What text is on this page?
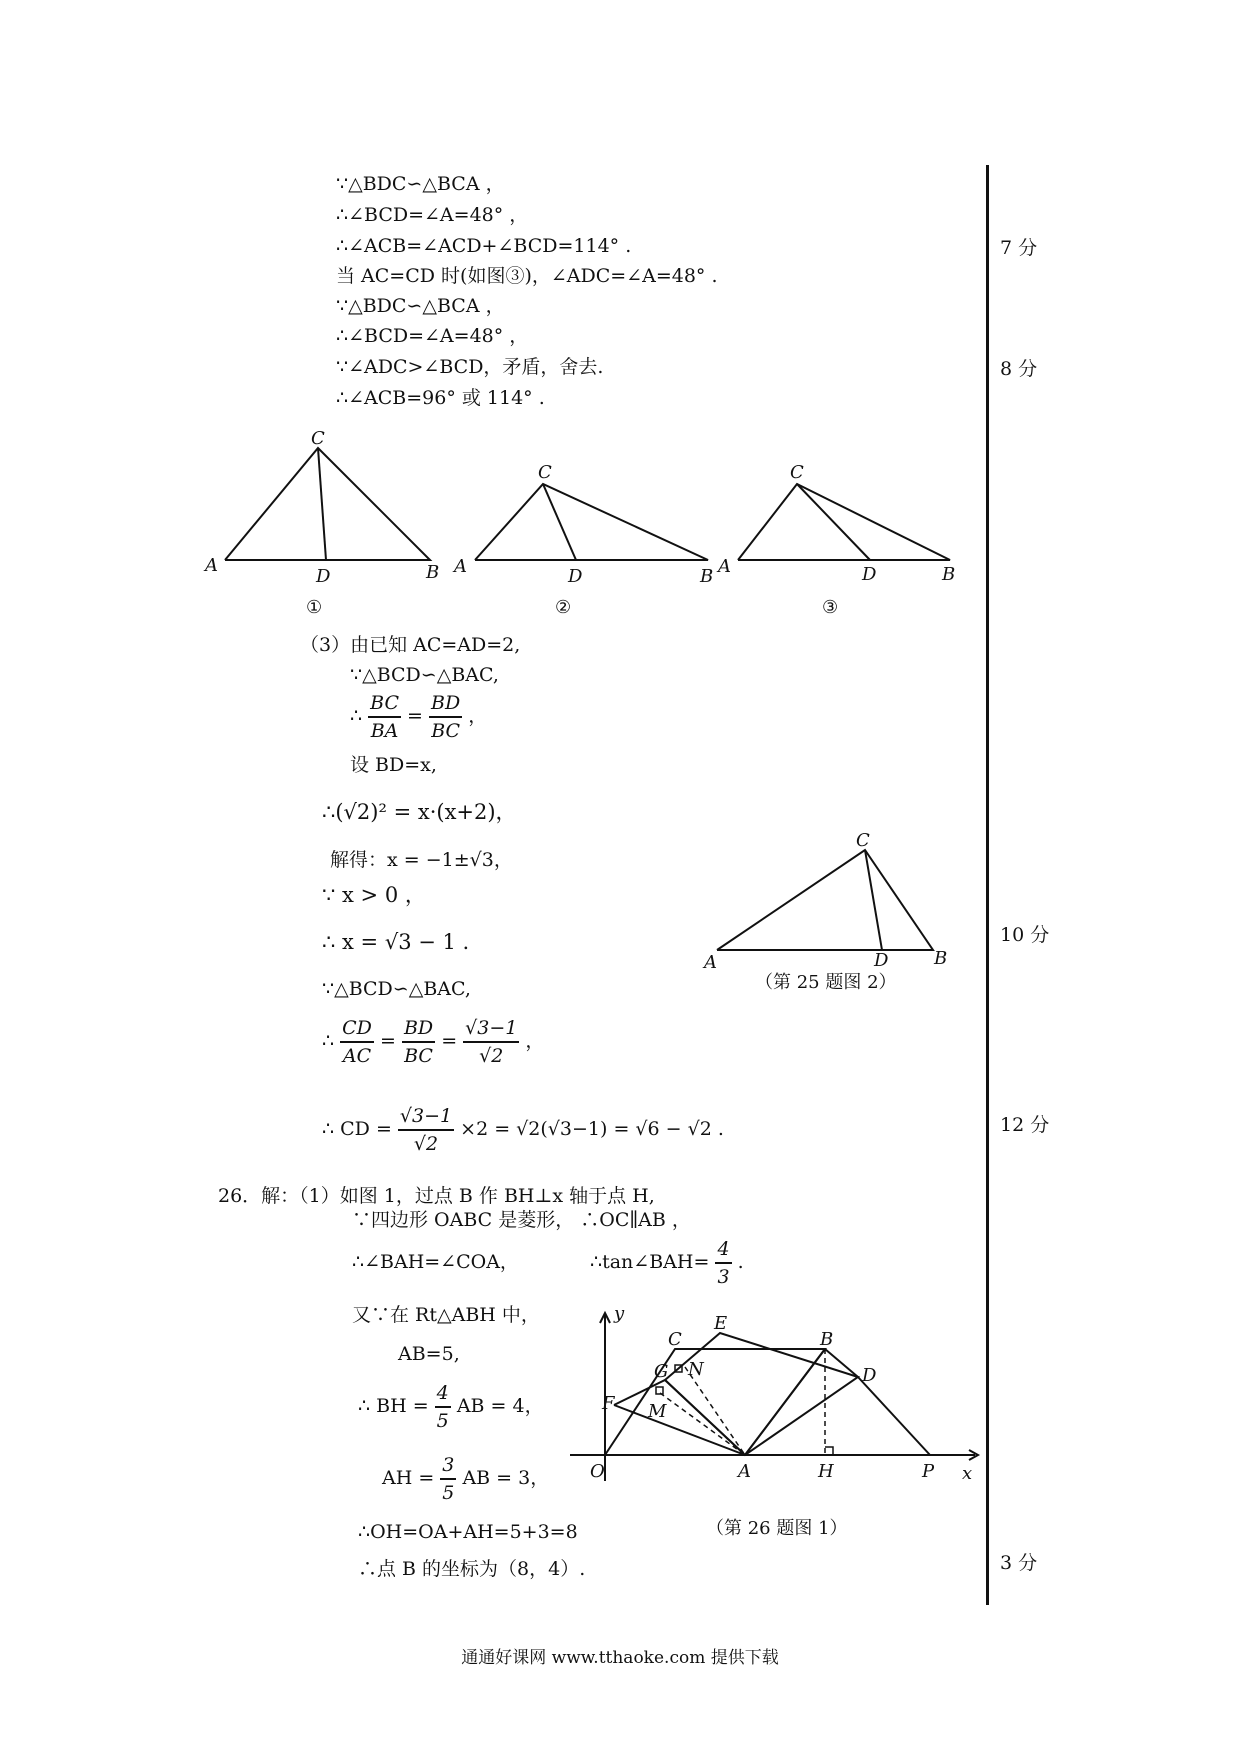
∵△BDC∽△BCA ，
∴∠BCD=∠A=48° ，
∴∠ACB=∠ACD+∠BCD=114° .
当 AC=CD 时(如图③)，∠ADC=∠A=48° .
∵△BDC∽△BCA ，
∴∠BCD=∠A=48° ，
∵∠ADC>∠BCD，矛盾，舍去.
∴∠ACB=96° 或 114° .
7 分
8 分
10 分
12 分
3 分
C
A
D	B
C
A	D	B
C
A	D	B
①	②	③
（3）由已知 AC=AD=2,
∵△BCD∽△BAC,
∴ $\frac{BC}{BA} = \frac{BD}{BC}$ ，
设 BD=x,
∴(√2)² = x·(x+2)，
解得：x = −1±√3，
∵ x > 0 ，
∴ x = √3 − 1 .
∵△BCD∽△BAC,
∴ $\frac{CD}{AC} = \frac{BD}{BC} = \frac{√3-1}{√2}$ ，
∴ CD = $\frac{√3-1}{√2} \times 2 = √2(√3-1) = √6 - √2$ .
C
A	D	B
（第 25 题图 2）
26．解：（1）如图 1，过点 B 作 BH⊥x 轴于点 H,
∵四边形 OABC 是菱形， ∴OC∥AB ，
∴∠BAH=∠COA，	∴tan∠BAH= $\frac{4}{3}$ .
又∵在 Rt△ABH 中，
AB=5,
∴ BH = $\frac{4}{5}$ AB = 4，
AH = $\frac{3}{5}$ AB = 3，
∴OH=OA+AH=5+3=8
∴点 B 的坐标为（8，4）.
y
x
O	A	H	P
C
E
B
D
G N
M
F
（第 26 题图 1）
通通好课网 www.tthaoke.com 提供下载
